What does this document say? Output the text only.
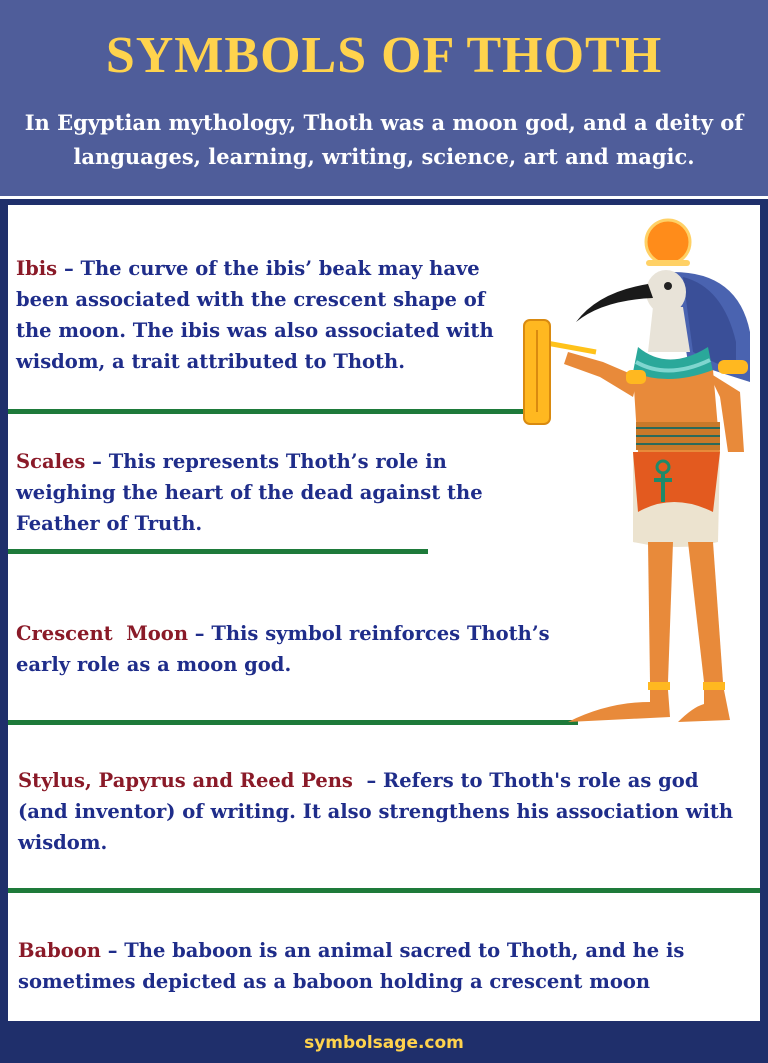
SYMBOLS OF THOTH
In Egyptian mythology, Thoth was a moon god, and a deity of languages, learning, writing, science, art and magic.
Ibis – The curve of the ibis’ beak may have been associated with the crescent shape of the moon. The ibis was also associated with wisdom, a trait attributed to Thoth.
Scales – This represents Thoth’s role in weighing the heart of the dead against the Feather of Truth.
Crescent  Moon – This symbol reinforces Thoth’s early role as a moon god.
Stylus, Papyrus and Reed Pens  – Refers to Thoth's role as god (and inventor) of writing. It also strengthens his association with wisdom.
Baboon – The baboon is an animal sacred to Thoth, and he is sometimes depicted as a baboon holding a crescent moon
symbolsage.com
